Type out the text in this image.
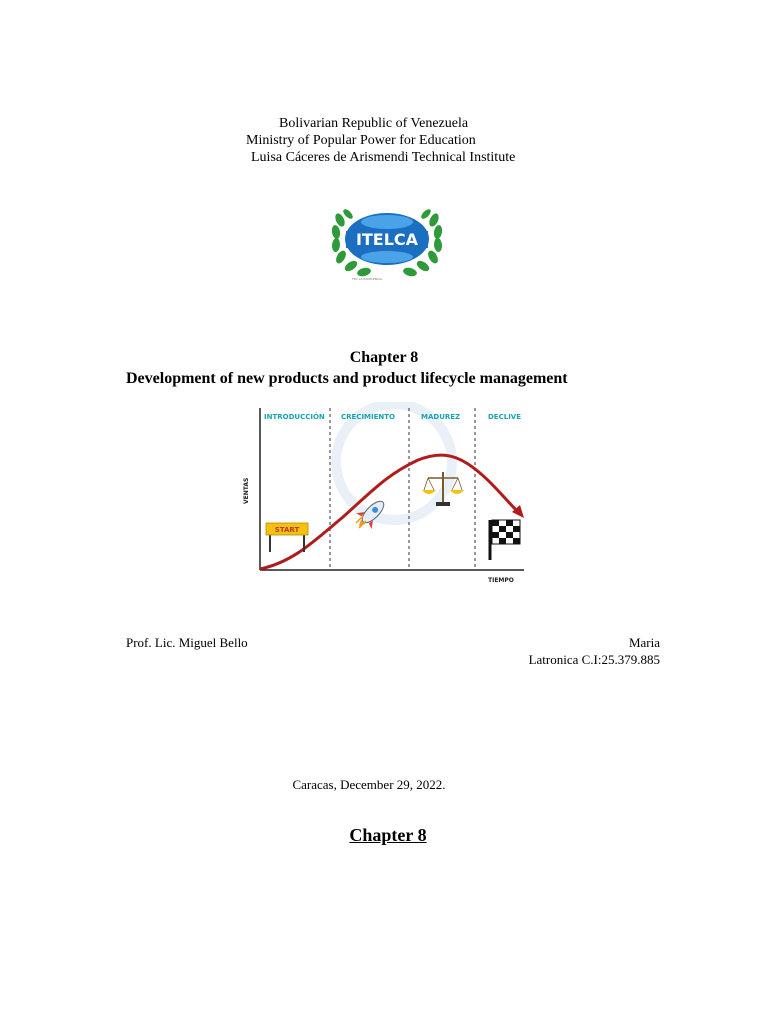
Bolivarian Republic of Venezuela
Ministry of Popular Power for Education
Luisa Cáceres de Arismendi Technical Institute
ITELCA
TEC LA EXCELENCIA
Chapter 8
Development of new products and product lifecycle management
INTRODUCCIÓN CRECIMIENTO	MADUREZ	DECLIVE
VENTAS
TIEMPO
START
Prof. Lic. Miguel Bello	Maria
Latronica C.I:25.379.885
Caracas, December 29, 2022.
Chapter 8
